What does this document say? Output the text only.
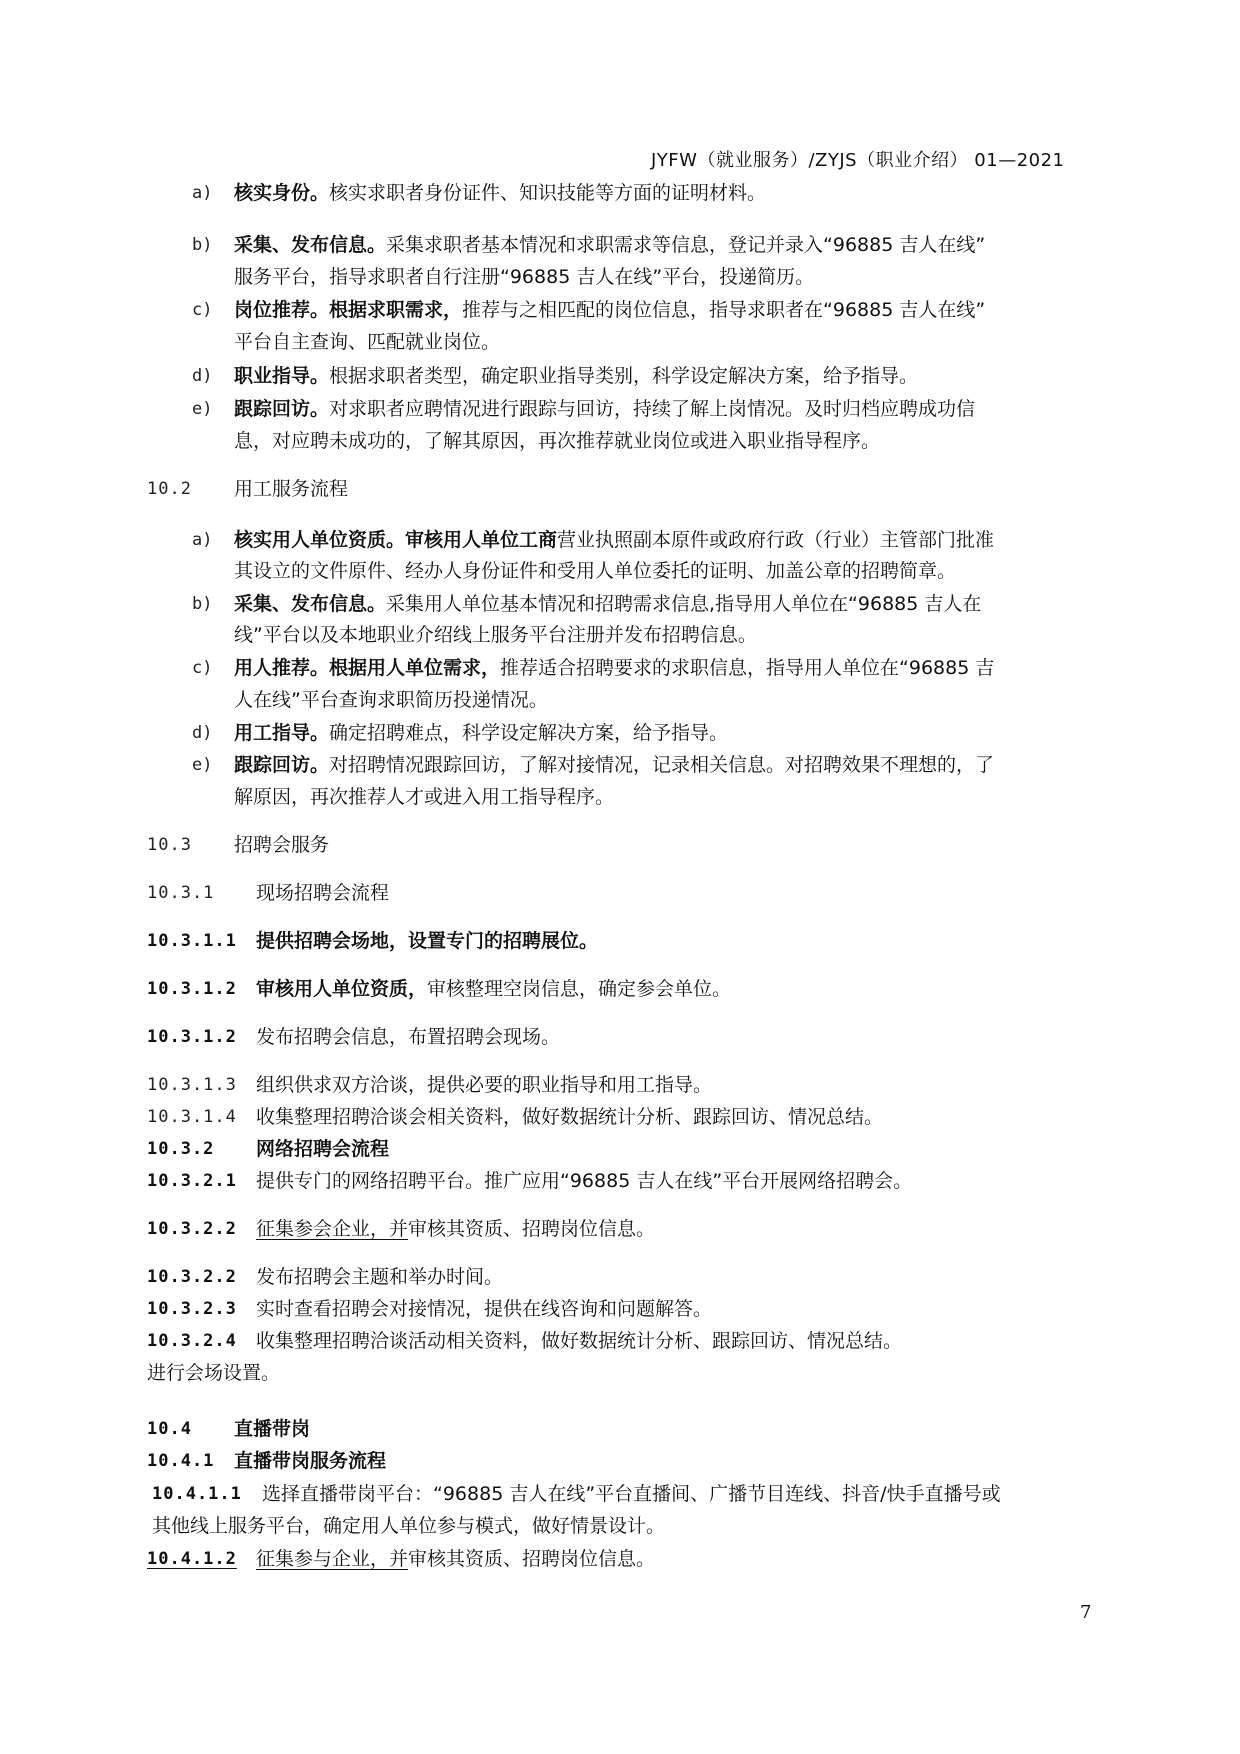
JYFW（就业服务）/ZYJS（职业介绍） 01—2021
a) 核实身份。核实求职者身份证件、知识技能等方面的证明材料。
b) 采集、发布信息。采集求职者基本情况和求职需求等信息，登记并录入“96885 吉人在线”
服务平台，指导求职者自行注册“96885 吉人在线”平台，投递简历。
c) 岗位推荐。根据求职需求，推荐与之相匹配的岗位信息，指导求职者在“96885 吉人在线”
平台自主查询、匹配就业岗位。
d) 职业指导。根据求职者类型，确定职业指导类别，科学设定解决方案，给予指导。
e) 跟踪回访。对求职者应聘情况进行跟踪与回访，持续了解上岗情况。及时归档应聘成功信
息，对应聘未成功的，了解其原因，再次推荐就业岗位或进入职业指导程序。
10.2 用工服务流程
a) 核实用人单位资质。审核用人单位工商营业执照副本原件或政府行政（行业）主管部门批准
其设立的文件原件、经办人身份证件和受用人单位委托的证明、加盖公章的招聘简章。
b) 采集、发布信息。采集用人单位基本情况和招聘需求信息,指导用人单位在“96885 吉人在
线”平台以及本地职业介绍线上服务平台注册并发布招聘信息。
c) 用人推荐。根据用人单位需求，推荐适合招聘要求的求职信息，指导用人单位在“96885 吉
人在线”平台查询求职简历投递情况。
d) 用工指导。确定招聘难点，科学设定解决方案，给予指导。
e) 跟踪回访。对招聘情况跟踪回访，了解对接情况，记录相关信息。对招聘效果不理想的，了
解原因，再次推荐人才或进入用工指导程序。
10.3 招聘会服务
10.3.1 现场招聘会流程
10.3.1.1 提供招聘会场地，设置专门的招聘展位。
10.3.1.2 审核用人单位资质，审核整理空岗信息，确定参会单位。
10.3.1.2 发布招聘会信息，布置招聘会现场。
10.3.1.3 组织供求双方洽谈，提供必要的职业指导和用工指导。
10.3.1.4 收集整理招聘洽谈会相关资料，做好数据统计分析、跟踪回访、情况总结。
10.3.2 网络招聘会流程
10.3.2.1 提供专门的网络招聘平台。推广应用“96885 吉人在线”平台开展网络招聘会。
10.3.2.2 征集参会企业，并审核其资质、招聘岗位信息。
10.3.2.2 发布招聘会主题和举办时间。
10.3.2.3 实时查看招聘会对接情况，提供在线咨询和问题解答。
10.3.2.4 收集整理招聘洽谈活动相关资料，做好数据统计分析、跟踪回访、情况总结。
进行会场设置。
10.4 直播带岗
10.4.1 直播带岗服务流程
10.4.1.1 选择直播带岗平台：“96885 吉人在线”平台直播间、广播节目连线、抖音/快手直播号或
其他线上服务平台，确定用人单位参与模式，做好情景设计。
10.4.1.2 征集参与企业，并审核其资质、招聘岗位信息。
7
